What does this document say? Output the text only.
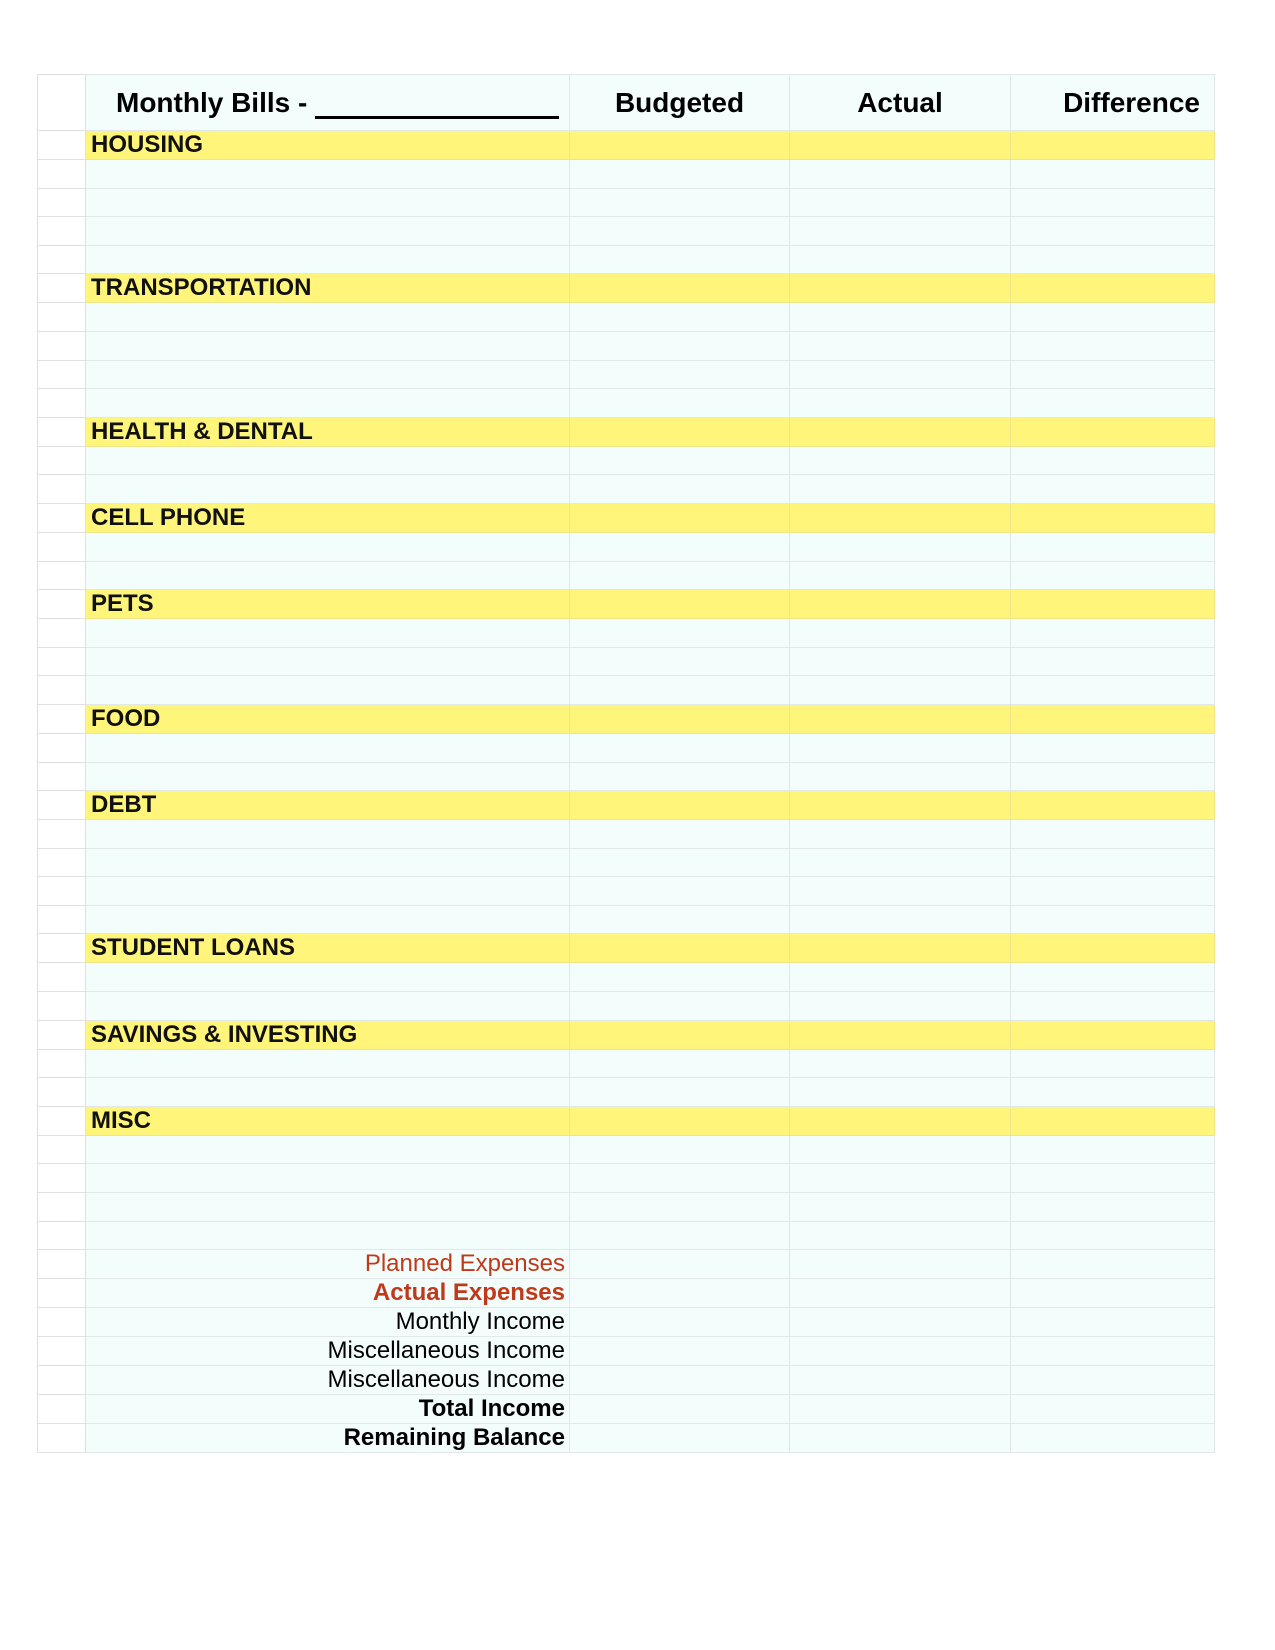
	Monthly Bills -	Budgeted	Actual	Difference
	HOUSING			

	TRANSPORTATION			

	HEALTH & DENTAL			

	CELL PHONE			

	PETS			

	FOOD			

	DEBT			

	STUDENT LOANS			

	SAVINGS & INVESTING			

	MISC			

	Planned Expenses			
	Actual Expenses			
	Monthly Income			
	Miscellaneous Income			
	Miscellaneous Income			
	Total Income			
	Remaining Balance			
